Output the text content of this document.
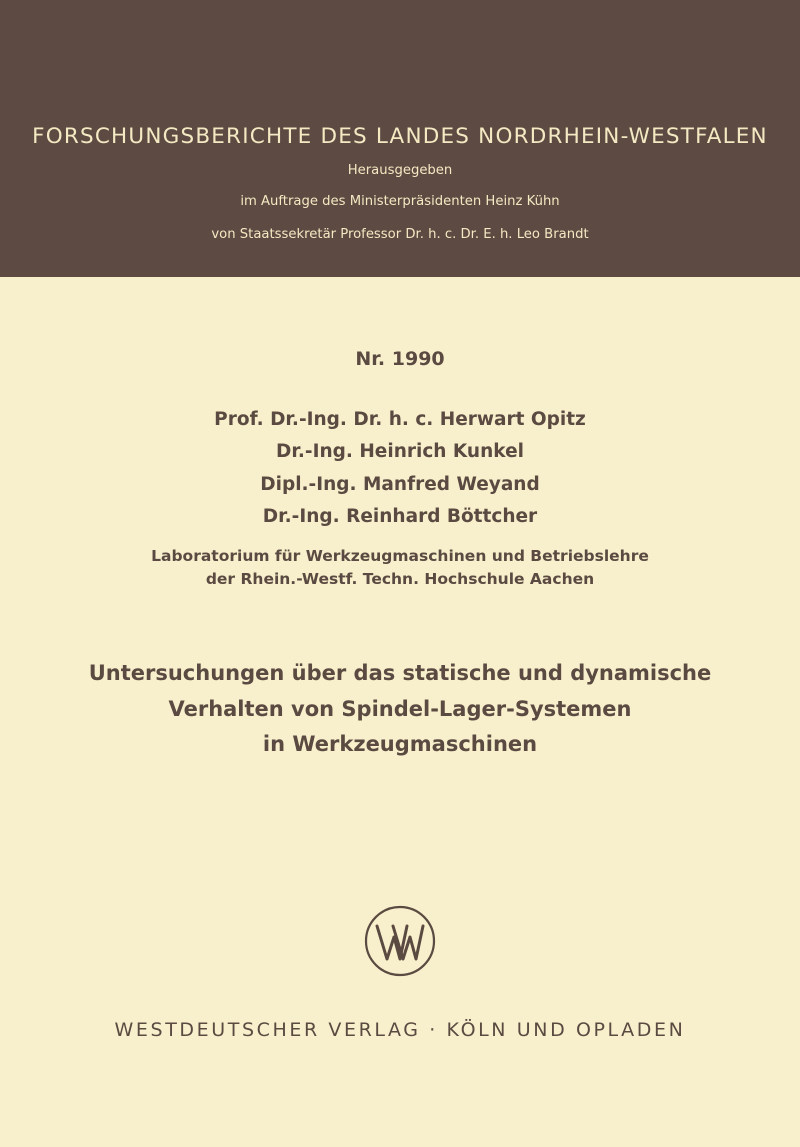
FORSCHUNGSBERICHTE DES LANDES NORDRHEIN-WESTFALEN
Herausgegeben
im Auftrage des Ministerpräsidenten Heinz Kühn
von Staatssekretär Professor Dr. h. c. Dr. E. h. Leo Brandt
Nr. 1990
Prof. Dr.-Ing. Dr. h. c. Herwart Opitz
Dr.-Ing. Heinrich Kunkel
Dipl.-Ing. Manfred Weyand
Dr.-Ing. Reinhard Böttcher
Laboratorium für Werkzeugmaschinen und Betriebslehre
der Rhein.-Westf. Techn. Hochschule Aachen
Untersuchungen über das statische und dynamische
Verhalten von Spindel-Lager-Systemen
in Werkzeugmaschinen
WESTDEUTSCHER VERLAG · KÖLN UND OPLADEN
